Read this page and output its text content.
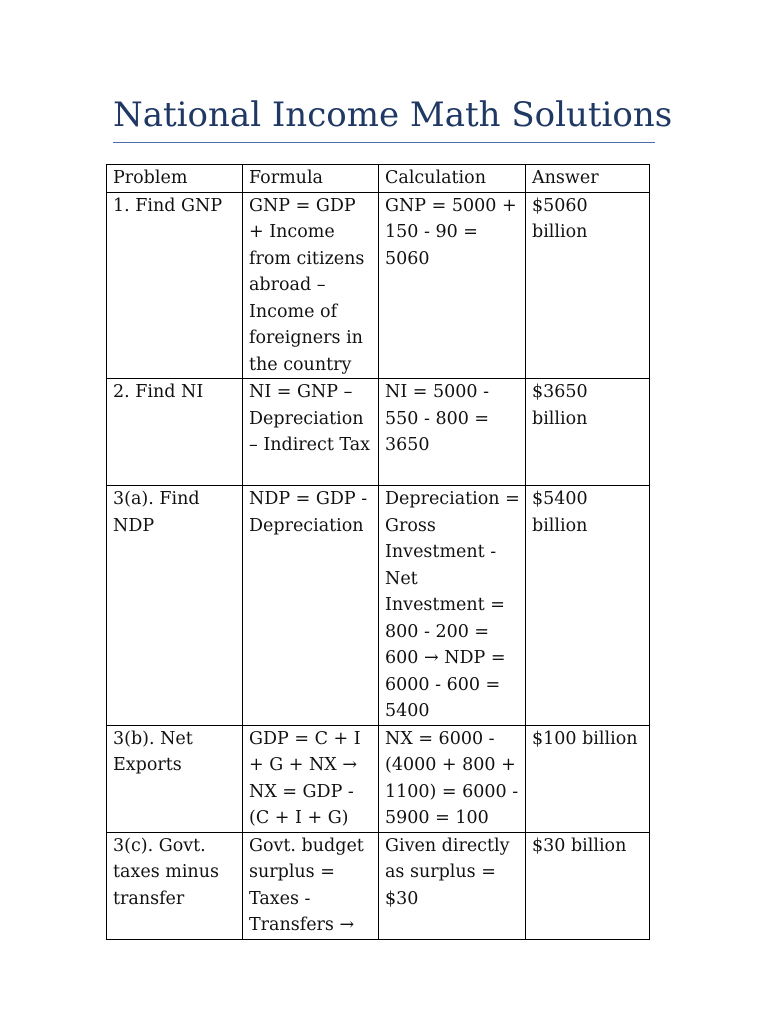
National Income Math Solutions
Problem	Formula	Calculation	Answer
1. Find GNP	GNP = GDP + Income from citizens abroad – Income of foreigners in the country	GNP = 5000 + 150 - 90 = 5060	$5060 billion
2. Find NI	NI = GNP – Depreciation – Indirect Tax	NI = 5000 - 550 - 800 = 3650	$3650 billion
3(a). Find NDP	NDP = GDP - Depreciation	Depreciation = Gross Investment - Net Investment = 800 - 200 = 600 → NDP = 6000 - 600 = 5400	$5400 billion
3(b). Net Exports	GDP = C + I + G + NX → NX = GDP - (C + I + G)	NX = 6000 - (4000 + 800 + 1100) = 6000 - 5900 = 100	$100 billion
3(c). Govt. taxes minus transfer	Govt. budget surplus = Taxes - Transfers →	Given directly as surplus = $30	$30 billion
